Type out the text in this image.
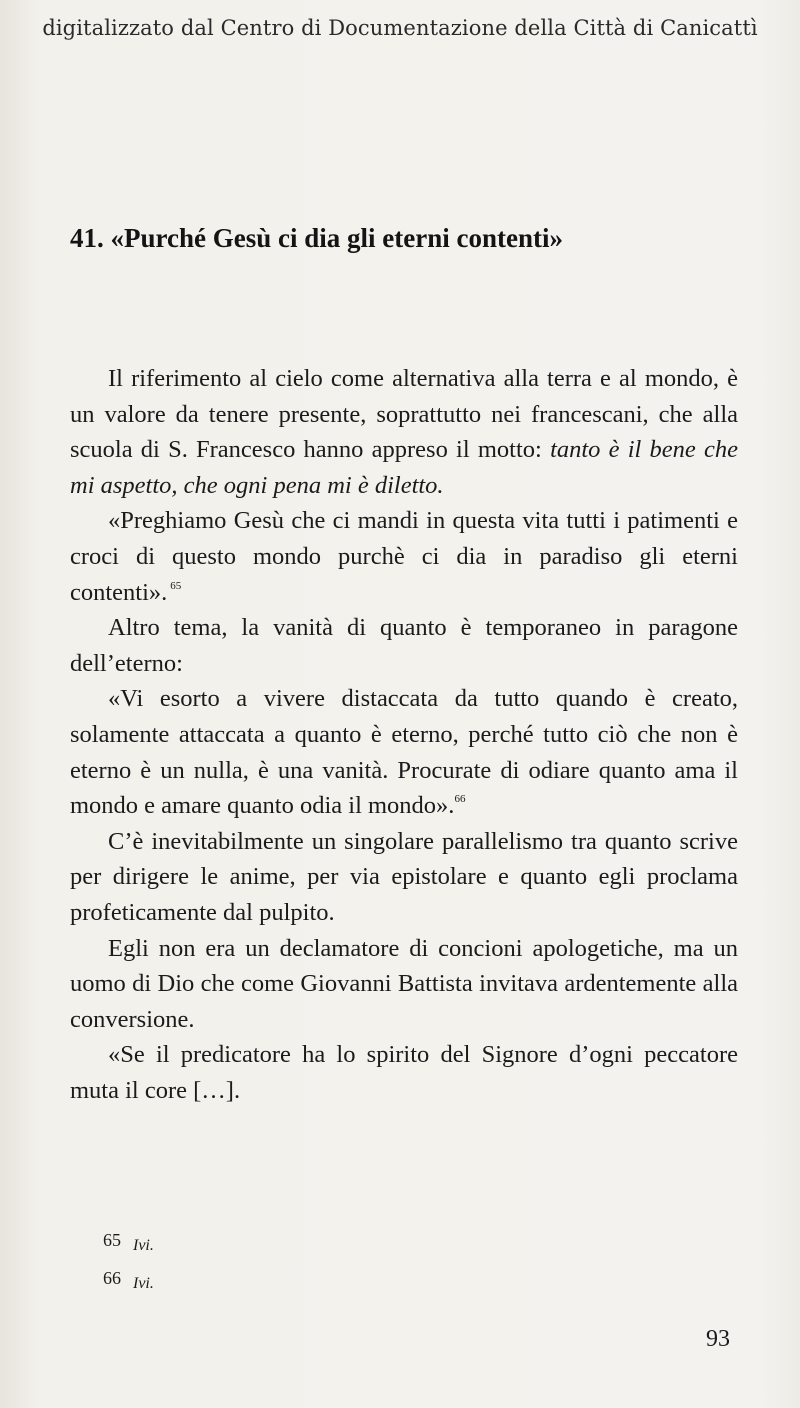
digitalizzato dal Centro di Documentazione della Città di Canicattì
41. «Purché Gesù ci dia gli eterni contenti»

Il riferimento al cielo come alternativa alla terra e al mondo, è un valore da tenere presente, soprattutto nei francescani, che alla scuola di S. Francesco hanno appreso il motto: tanto è il bene che mi aspetto, che ogni pena mi è diletto.

«Preghiamo Gesù che ci mandi in questa vita tutti i patimenti e croci di questo mondo purchè ci dia in paradiso gli eterni contenti». $^{65}$

Altro tema, la vanità di quanto è temporaneo in paragone dell’eterno:

«Vi esorto a vivere distaccata da tutto quando è creato, solamente attaccata a quanto è eterno, perché tutto ciò che non è eterno è un nulla, è una vanità. Procurate di odiare quanto ama il mondo e amare quanto odia il mondo».$^{66}$

C’è inevitabilmente un singolare parallelismo tra quanto scrive per dirigere le anime, per via epistolare e quanto egli proclama profeticamente dal pulpito.

Egli non era un declamatore di concioni apologetiche, ma un uomo di Dio che come Giovanni Battista invitava ardentemente alla conversione.

«Se il predicatore ha lo spirito del Signore d’ogni peccatore muta il core […].

65 Ivi.
66 Ivi.
93
